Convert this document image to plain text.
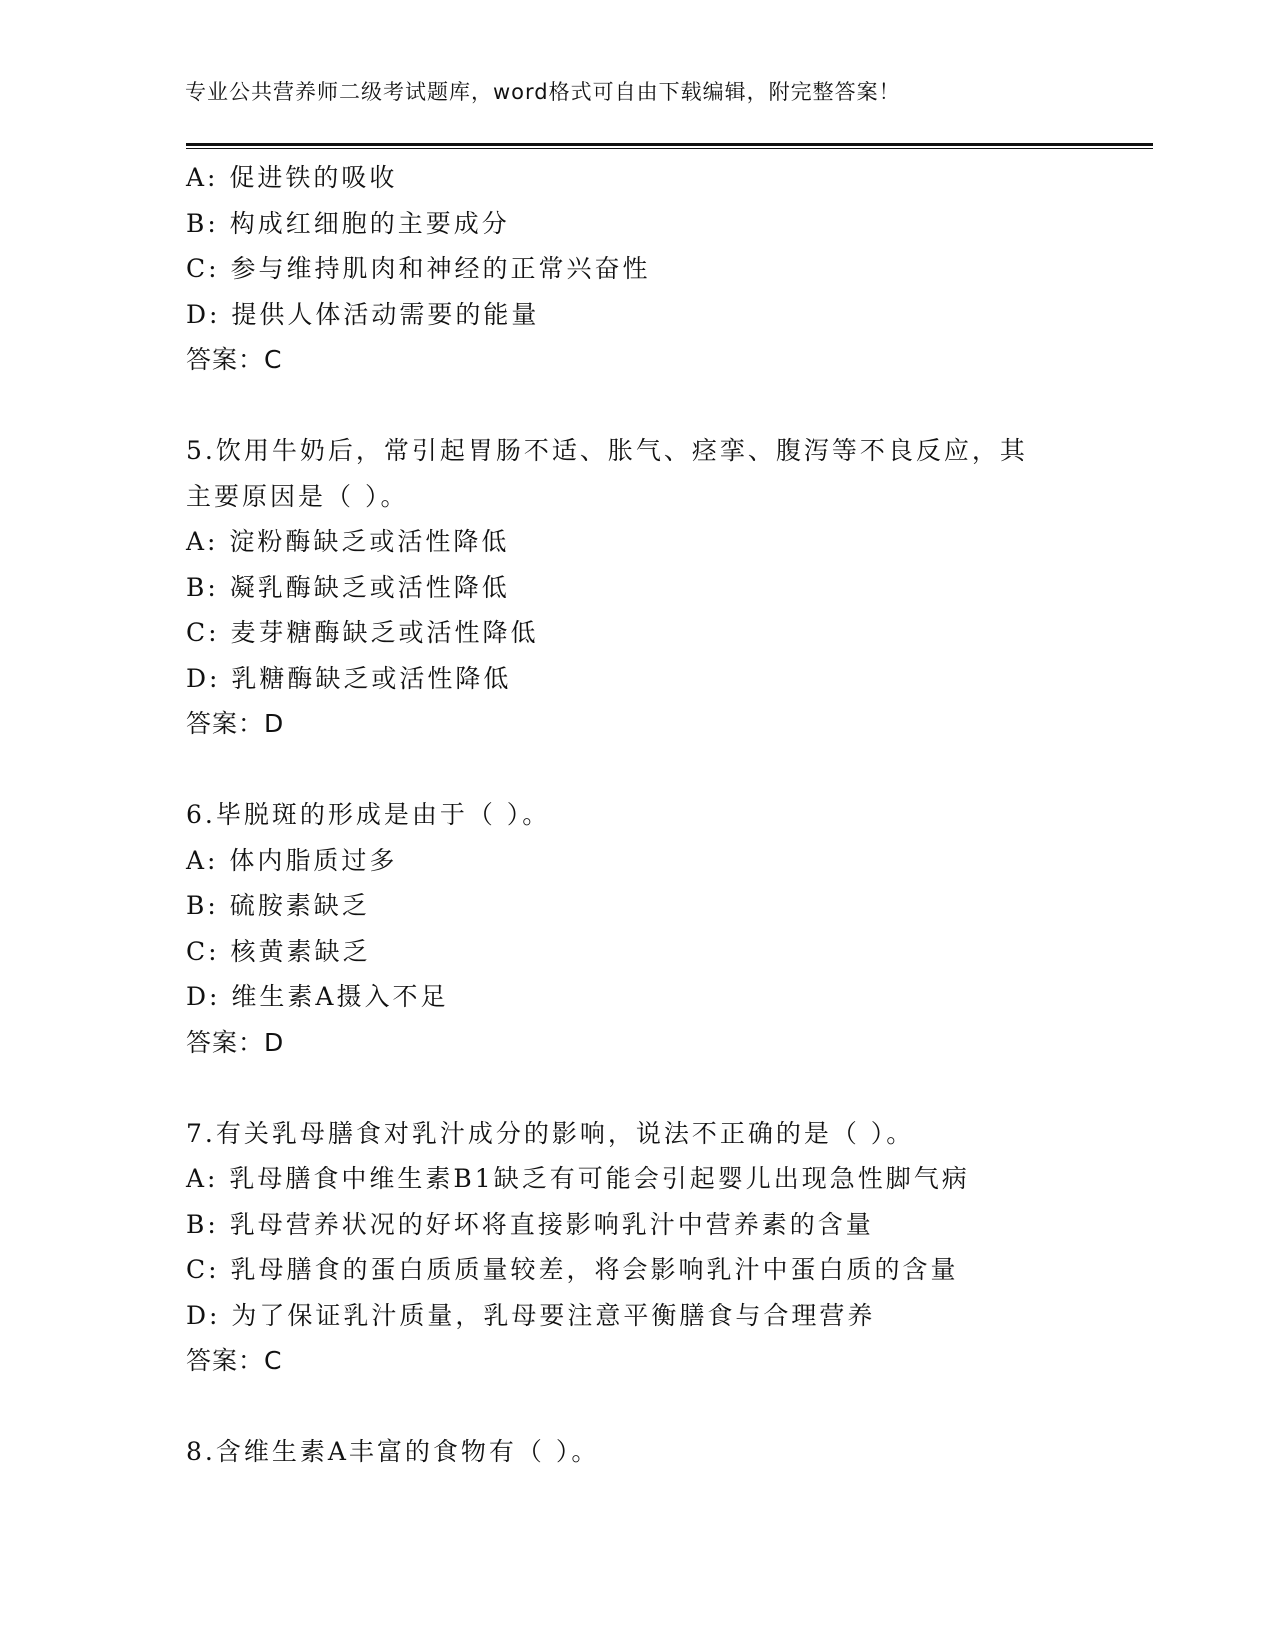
专业公共营养师二级考试题库，word格式可自由下载编辑，附完整答案！
A: 促进铁的吸收
B: 构成红细胞的主要成分
C: 参与维持肌肉和神经的正常兴奋性
D: 提供人体活动需要的能量
答案：C
5.饮用牛奶后，常引起胃肠不适、胀气、痉挛、腹泻等不良反应，其
主要原因是（ ）。
A: 淀粉酶缺乏或活性降低
B: 凝乳酶缺乏或活性降低
C: 麦芽糖酶缺乏或活性降低
D: 乳糖酶缺乏或活性降低
答案：D
6.毕脱斑的形成是由于（ ）。
A: 体内脂质过多
B: 硫胺素缺乏
C: 核黄素缺乏
D: 维生素A摄入不足
答案：D
7.有关乳母膳食对乳汁成分的影响，说法不正确的是（ ）。
A: 乳母膳食中维生素B1缺乏有可能会引起婴儿出现急性脚气病
B: 乳母营养状况的好坏将直接影响乳汁中营养素的含量
C: 乳母膳食的蛋白质质量较差，将会影响乳汁中蛋白质的含量
D: 为了保证乳汁质量，乳母要注意平衡膳食与合理营养
答案：C
8.含维生素A丰富的食物有（ ）。
